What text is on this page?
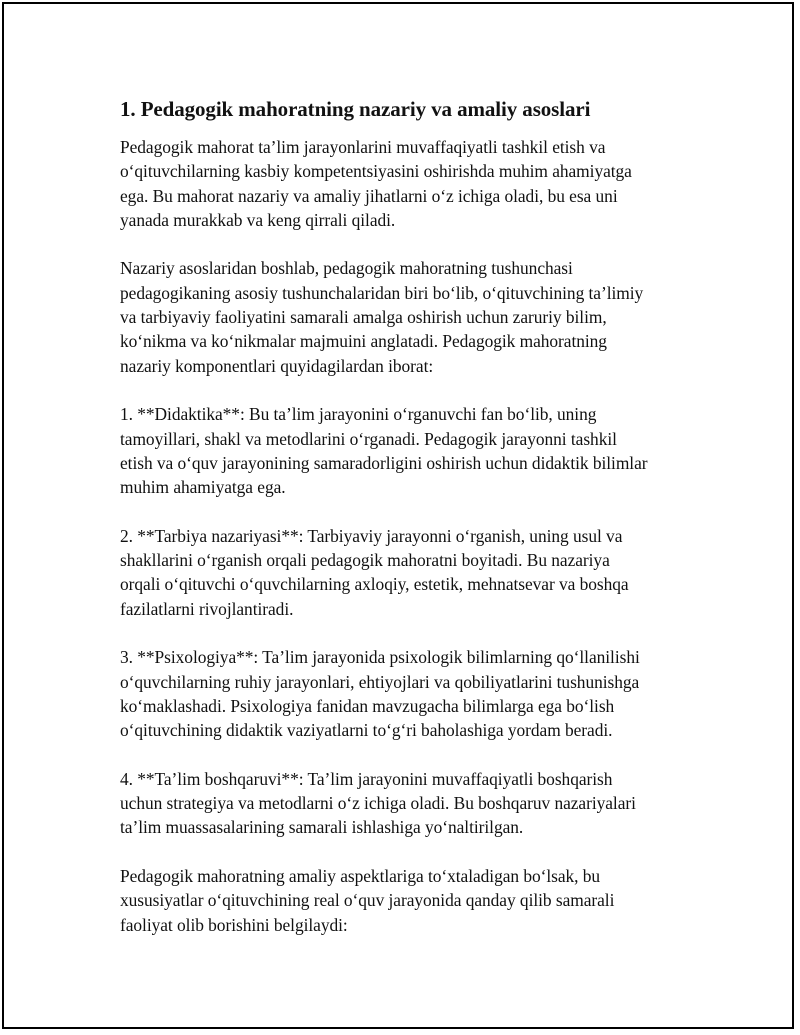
1. Pedagogik mahoratning nazariy va amaliy asoslari

Pedagogik mahorat ta’lim jarayonlarini muvaffaqiyatli tashkil etish va
o‘qituvchilarning kasbiy kompetentsiyasini oshirishda muhim ahamiyatga
ega. Bu mahorat nazariy va amaliy jihatlarni o‘z ichiga oladi, bu esa uni
yanada murakkab va keng qirrali qiladi.

Nazariy asoslaridan boshlab, pedagogik mahoratning tushunchasi
pedagogikaning asosiy tushunchalaridan biri bo‘lib, o‘qituvchining ta’limiy
va tarbiyaviy faoliyatini samarali amalga oshirish uchun zaruriy bilim,
ko‘nikma va ko‘nikmalar majmuini anglatadi. Pedagogik mahoratning
nazariy komponentlari quyidagilardan iborat:

1. **Didaktika**: Bu ta’lim jarayonini o‘rganuvchi fan bo‘lib, uning
tamoyillari, shakl va metodlarini o‘rganadi. Pedagogik jarayonni tashkil
etish va o‘quv jarayonining samaradorligini oshirish uchun didaktik bilimlar
muhim ahamiyatga ega.

2. **Tarbiya nazariyasi**: Tarbiyaviy jarayonni o‘rganish, uning usul va
shakllarini o‘rganish orqali pedagogik mahoratni boyitadi. Bu nazariya
orqali o‘qituvchi o‘quvchilarning axloqiy, estetik, mehnatsevar va boshqa
fazilatlarni rivojlantiradi.

3. **Psixologiya**: Ta’lim jarayonida psixologik bilimlarning qo‘llanilishi
o‘quvchilarning ruhiy jarayonlari, ehtiyojlari va qobiliyatlarini tushunishga
ko‘maklashadi. Psixologiya fanidan mavzugacha bilimlarga ega bo‘lish
o‘qituvchining didaktik vaziyatlarni to‘g‘ri baholashiga yordam beradi.

4. **Ta’lim boshqaruvi**: Ta’lim jarayonini muvaffaqiyatli boshqarish
uchun strategiya va metodlarni o‘z ichiga oladi. Bu boshqaruv nazariyalari
ta’lim muassasalarining samarali ishlashiga yo‘naltirilgan.

Pedagogik mahoratning amaliy aspektlariga to‘xtaladigan bo‘lsak, bu
xususiyatlar o‘qituvchining real o‘quv jarayonida qanday qilib samarali
faoliyat olib borishini belgilaydi:
